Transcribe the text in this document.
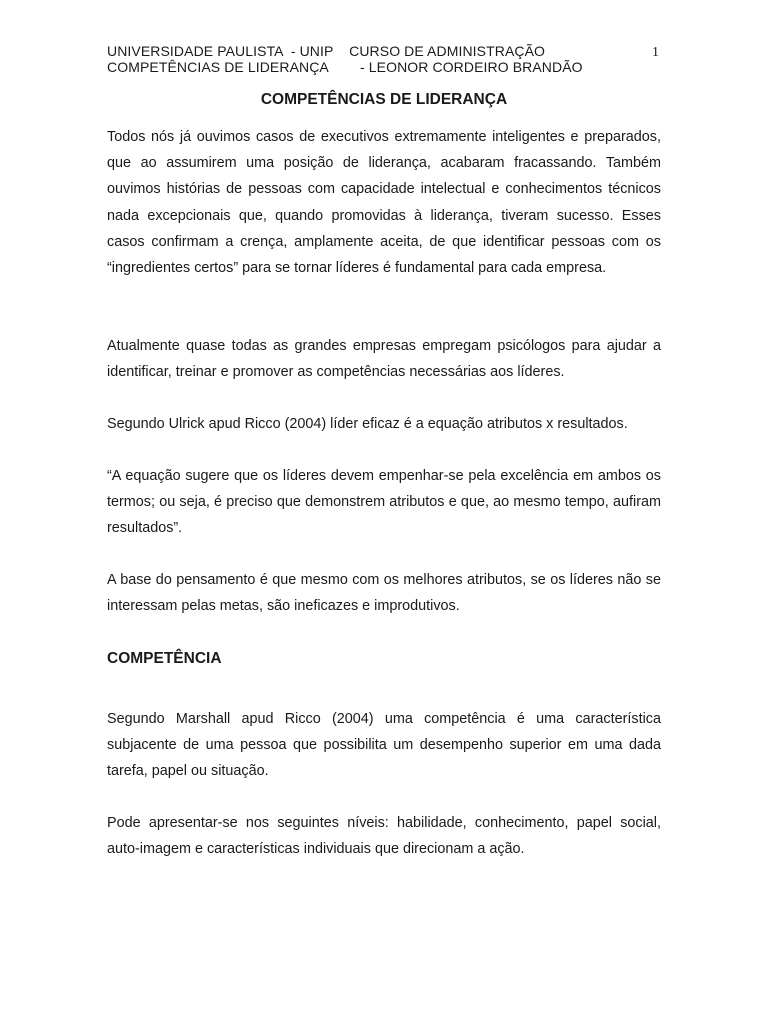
UNIVERSIDADE PAULISTA  - UNIP    CURSO DE ADMINISTRAÇÃO
COMPETÊNCIAS DE LIDERANÇA        - LEONOR CORDEIRO BRANDÃO
1
COMPETÊNCIAS DE LIDERANÇA

Todos nós já ouvimos casos de executivos extremamente inteligentes e preparados, que ao assumirem uma posição de liderança, acabaram fracassando. Também ouvimos histórias de pessoas com capacidade intelectual e conhecimentos técnicos nada excepcionais que, quando promovidas à liderança, tiveram sucesso. Esses casos confirmam a crença, amplamente aceita, de que identificar pessoas com os “ingredientes certos” para se tornar líderes é fundamental para cada empresa.

Atualmente quase todas as grandes empresas empregam psicólogos para ajudar a identificar, treinar e promover as competências necessárias aos líderes.

Segundo Ulrick apud Ricco (2004) líder eficaz é a equação atributos x resultados.

“A equação sugere que os líderes devem empenhar-se pela excelência em ambos os termos; ou seja, é preciso que demonstrem atributos e que, ao mesmo tempo, aufiram resultados”.

A base do pensamento é que mesmo com os melhores atributos, se os líderes não se interessam pelas metas, são ineficazes e improdutivos.

COMPETÊNCIA

Segundo Marshall apud Ricco (2004) uma competência é uma característica subjacente de uma pessoa que possibilita um desempenho superior em uma dada tarefa, papel ou situação.

Pode apresentar-se nos seguintes níveis: habilidade, conhecimento, papel social, auto-imagem e características individuais que direcionam a ação.
